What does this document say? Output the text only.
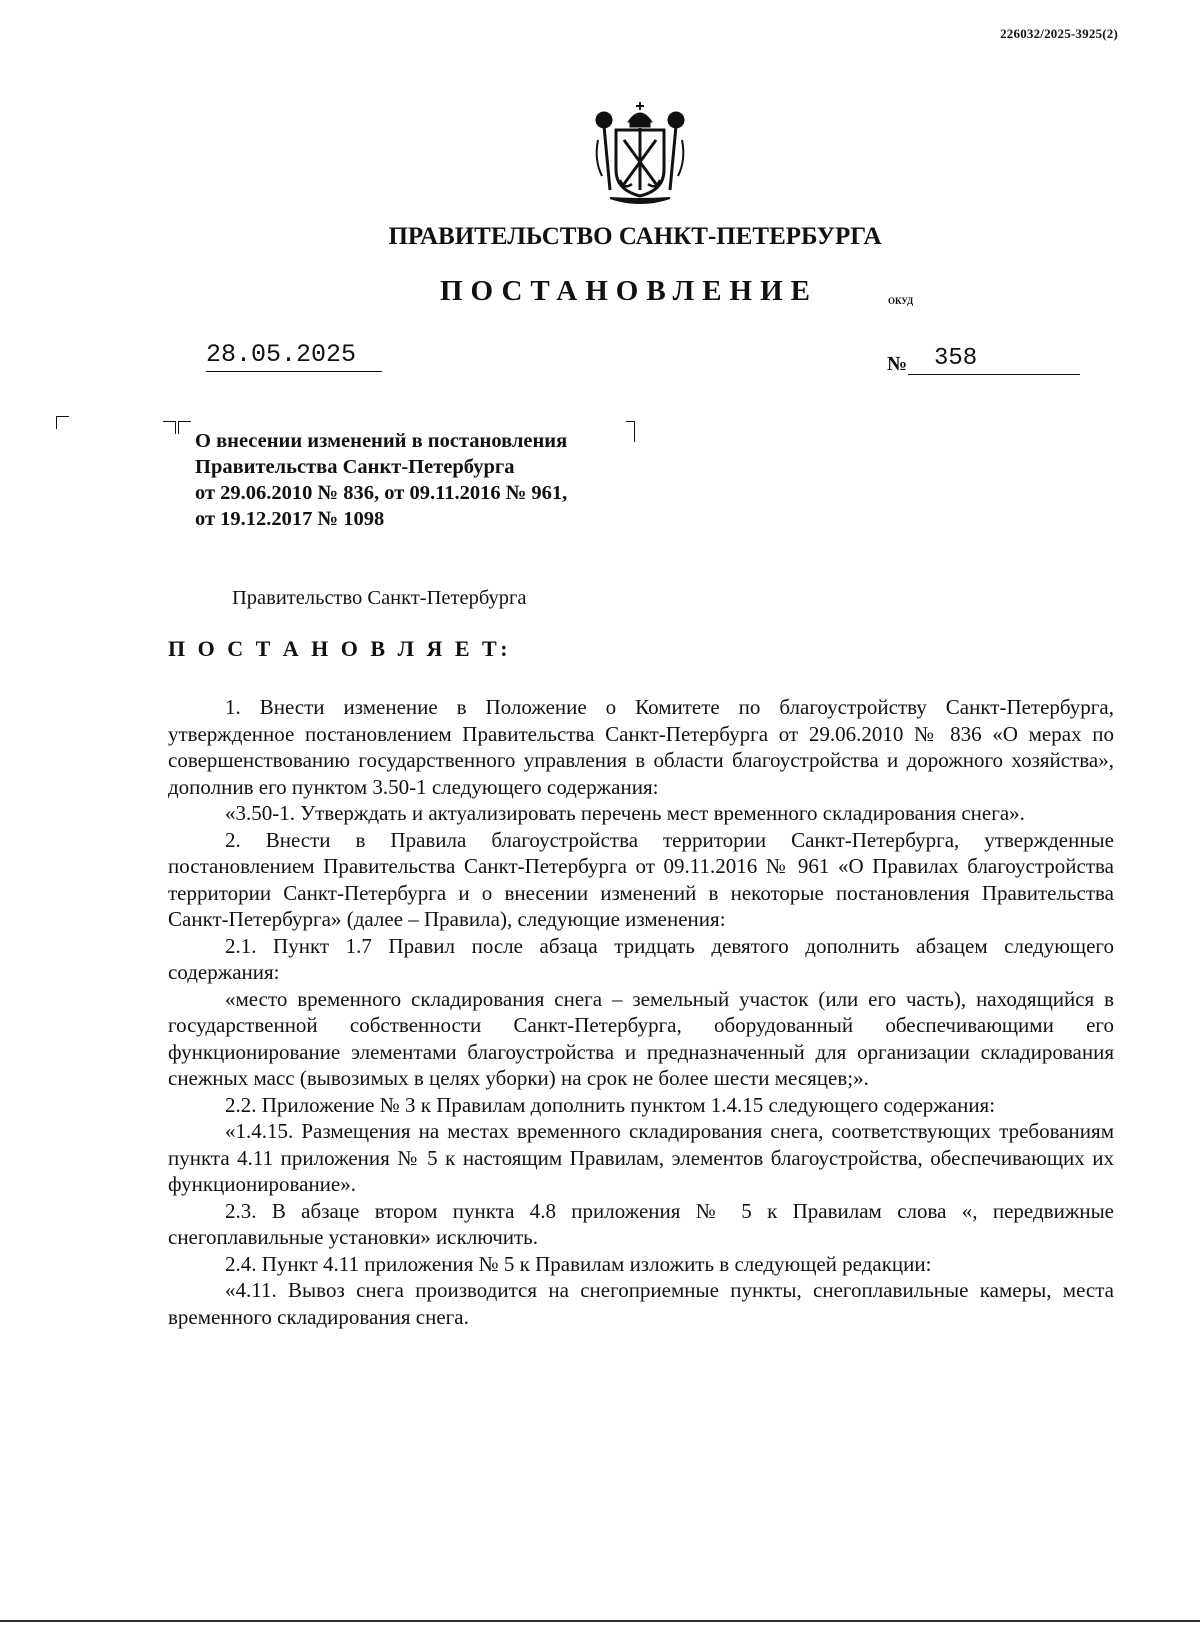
226032/2025-3925(2)
ПРАВИТЕЛЬСТВО САНКТ-ПЕТЕРБУРГА
ПОСТАНОВЛЕНИЕ	ОКУД
28.05.2025	№	358
О внесении изменений в постановления
Правительства Санкт-Петербурга
от 29.06.2010 № 836, от 09.11.2016 № 961,
от 19.12.2017 № 1098
Правительство Санкт-Петербурга
П О С Т А Н О В Л Я Е Т:

1. Внести изменение в Положение о Комитете по благоустройству Санкт-Петербурга, утвержденное постановлением Правительства Санкт-Петербурга от 29.06.2010 № 836 «О мерах по совершенствованию государственного управления в области благоустройства и дорожного хозяйства», дополнив его пунктом 3.50-1 следующего содержания:

«3.50-1. Утверждать и актуализировать перечень мест временного складирования снега».

2. Внести в Правила благоустройства территории Санкт-Петербурга, утвержденные постановлением Правительства Санкт-Петербурга от 09.11.2016 № 961 «О Правилах благоустройства территории Санкт-Петербурга и о внесении изменений в некоторые постановления Правительства Санкт-Петербурга» (далее – Правила), следующие изменения:

2.1. Пункт 1.7 Правил после абзаца тридцать девятого дополнить абзацем следующего содержания:

«место временного складирования снега – земельный участок (или его часть), находящийся в государственной собственности Санкт-Петербурга, оборудованный обеспечивающими его функционирование элементами благоустройства и предназначенный для организации складирования снежных масс (вывозимых в целях уборки) на срок не более шести месяцев;».

2.2. Приложение № 3 к Правилам дополнить пунктом 1.4.15 следующего содержания:

«1.4.15. Размещения на местах временного складирования снега, соответствующих требованиям пункта 4.11 приложения № 5 к настоящим Правилам, элементов благоустройства, обеспечивающих их функционирование».

2.3. В абзаце втором пункта 4.8 приложения № 5 к Правилам слова «, передвижные снегоплавильные установки» исключить.

2.4. Пункт 4.11 приложения № 5 к Правилам изложить в следующей редакции:

«4.11. Вывоз снега производится на снегоприемные пункты, снегоплавильные камеры, места временного складирования снега.
